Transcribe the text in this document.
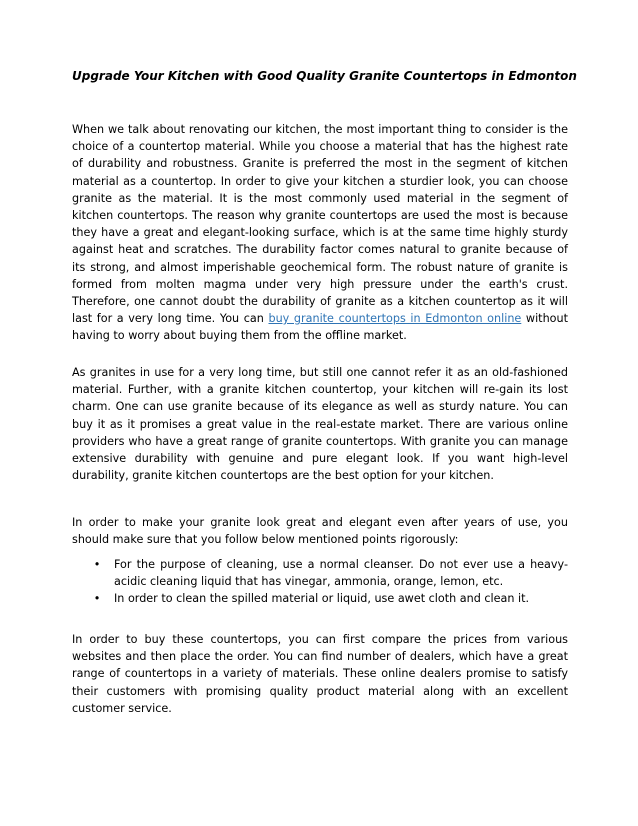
Upgrade Your Kitchen with Good Quality Granite Countertops in Edmonton

When we talk about renovating our kitchen, the most important thing to consider is the choice of a countertop material. While you choose a material that has the highest rate of durability and robustness. Granite is preferred the most in the segment of kitchen material as a countertop. In order to give your kitchen a sturdier look, you can choose granite as the material. It is the most commonly used material in the segment of kitchen countertops. The reason why granite countertops are used the most is because they have a great and elegant-looking surface, which is at the same time highly sturdy against heat and scratches. The durability factor comes natural to granite because of its strong, and almost imperishable geochemical form. The robust nature of granite is formed from molten magma under very high pressure under the earth's crust. Therefore, one cannot doubt the durability of granite as a kitchen countertop as it will last for a very long time. You can buy granite countertops in Edmonton online without having to worry about buying them from the offline market.

As granites in use for a very long time, but still one cannot refer it as an old-fashioned material. Further, with a granite kitchen countertop, your kitchen will re-gain its lost charm. One can use granite because of its elegance as well as sturdy nature. You can buy it as it promises a great value in the real-estate market. There are various online providers who have a great range of granite countertops. With granite you can manage extensive durability with genuine and pure elegant look. If you want high-level durability, granite kitchen countertops are the best option for your kitchen.

In order to make your granite look great and elegant even after years of use, you should make sure that you follow below mentioned points rigorously:

• For the purpose of cleaning, use a normal cleanser. Do not ever use a heavy-acidic cleaning liquid that has vinegar, ammonia, orange, lemon, etc.
• In order to clean the spilled material or liquid, use awet cloth and clean it.

In order to buy these countertops, you can first compare the prices from various websites and then place the order. You can find number of dealers, which have a great range of countertops in a variety of materials. These online dealers promise to satisfy their customers with promising quality product material along with an excellent customer service.
